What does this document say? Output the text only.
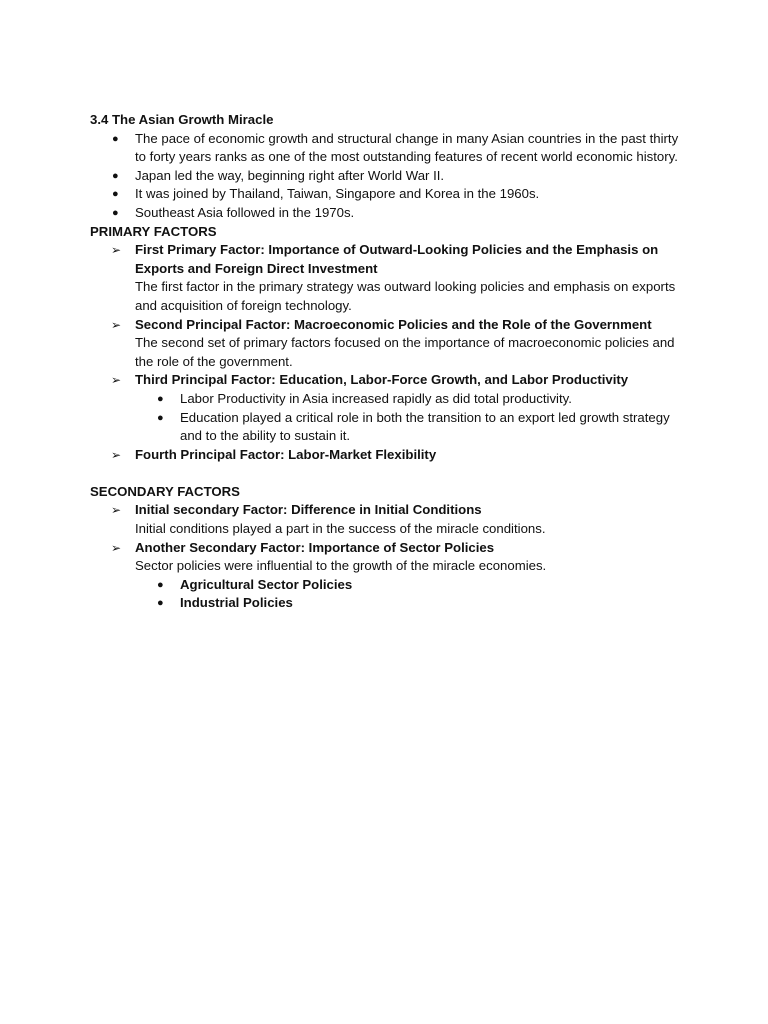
3.4 The Asian Growth Miracle
● The pace of economic growth and structural change in many Asian countries in the past thirty to forty years ranks as one of the most outstanding features of recent world economic history.
● Japan led the way, beginning right after World War II.
● It was joined by Thailand, Taiwan, Singapore and Korea in the 1960s.
● Southeast Asia followed in the 1970s.
PRIMARY FACTORS
➢ First Primary Factor: Importance of Outward-Looking Policies and the Emphasis on Exports and Foreign Direct Investment
The first factor in the primary strategy was outward looking policies and emphasis on exports and acquisition of foreign technology.
➢ Second Principal Factor: Macroeconomic Policies and the Role of the Government
The second set of primary factors focused on the importance of macroeconomic policies and the role of the government.
➢ Third Principal Factor: Education, Labor-Force Growth, and Labor Productivity
● Labor Productivity in Asia increased rapidly as did total productivity.
● Education played a critical role in both the transition to an export led growth strategy and to the ability to sustain it.
➢ Fourth Principal Factor: Labor-Market Flexibility
SECONDARY FACTORS
➢ Initial secondary Factor: Difference in Initial Conditions
Initial conditions played a part in the success of the miracle conditions.
➢ Another Secondary Factor: Importance of Sector Policies
Sector policies were influential to the growth of the miracle economies.
● Agricultural Sector Policies
● Industrial Policies
